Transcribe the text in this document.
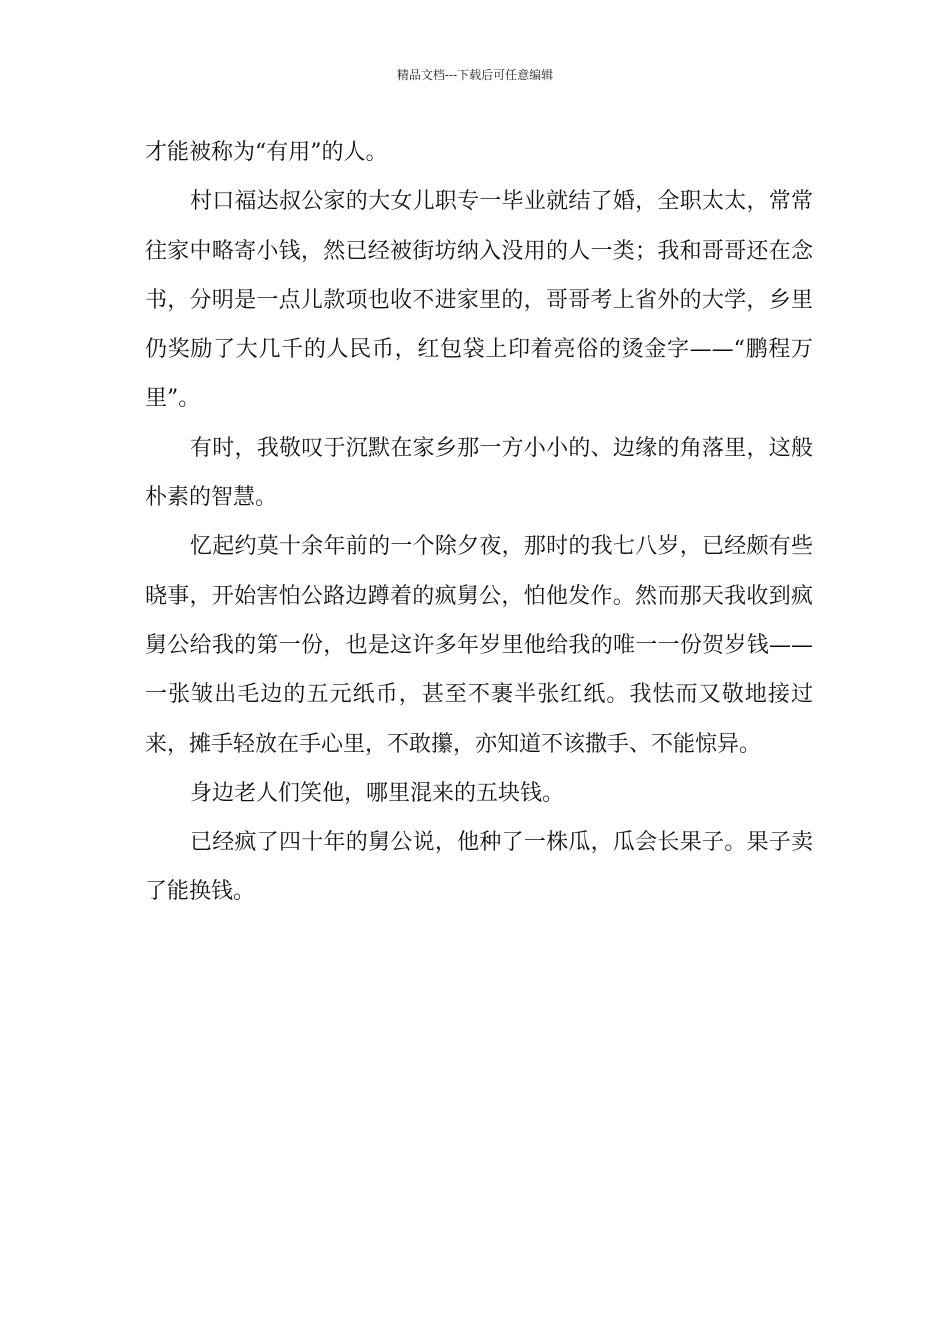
精品文档---下载后可任意编辑

才能被称为“有用”的人。

村口福达叔公家的大女儿职专一毕业就结了婚，全职太太，常常往家中略寄小钱，然已经被街坊纳入没用的人一类；我和哥哥还在念书，分明是一点儿款项也收不进家里的，哥哥考上省外的大学，乡里仍奖励了大几千的人民币，红包袋上印着亮俗的烫金字——“鹏程万里”。

有时，我敬叹于沉默在家乡那一方小小的、边缘的角落里，这般朴素的智慧。

忆起约莫十余年前的一个除夕夜，那时的我七八岁，已经颇有些晓事，开始害怕公路边蹲着的疯舅公，怕他发作。然而那天我收到疯舅公给我的第一份，也是这许多年岁里他给我的唯一一份贺岁钱——一张皱出毛边的五元纸币，甚至不裹半张红纸。我怯而又敬地接过来，摊手轻放在手心里，不敢攥，亦知道不该撒手、不能惊异。

身边老人们笑他，哪里混来的五块钱。

已经疯了四十年的舅公说，他种了一株瓜，瓜会长果子。果子卖了能换钱。
